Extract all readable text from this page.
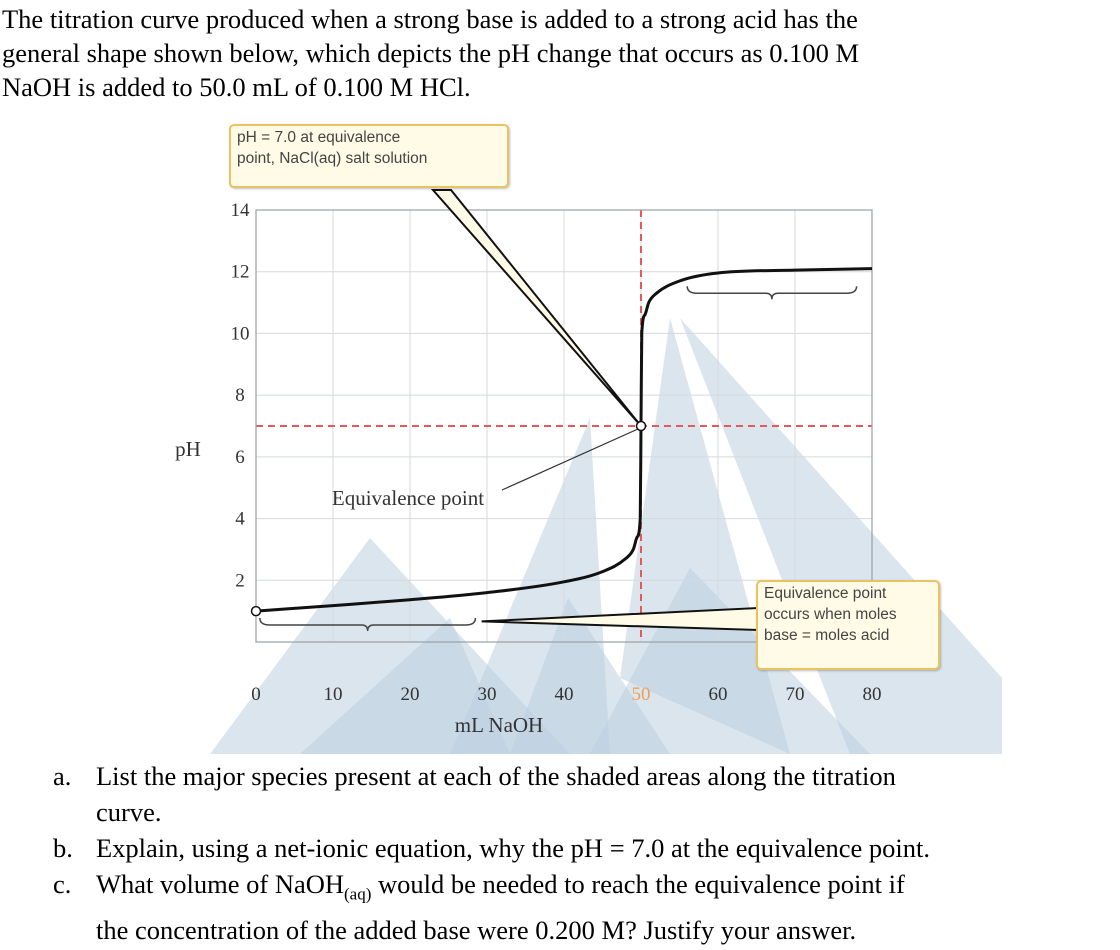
The titration curve produced when a strong base is added to a strong acid has the
general shape shown below, which depicts the pH change that occurs as 0.100 M
NaOH is added to 50.0 mL of 0.100 M HCl.
0	10	20	30	40	50	60	70	80
2
4
6
8
10
12
14
mL NaOH
pH
Equivalence point
pH = 7.0 at equivalence
point, NaCl(aq) salt solution
Equivalence point
occurs when moles
base = moles acid
a. List the major species present at each of the shaded areas along the titration
curve.
b. Explain, using a net-ionic equation, why the pH = 7.0 at the equivalence point.
c. What volume of NaOH$_{(aq)}$ would be needed to reach the equivalence point if
the concentration of the added base were 0.200 M? Justify your answer.
